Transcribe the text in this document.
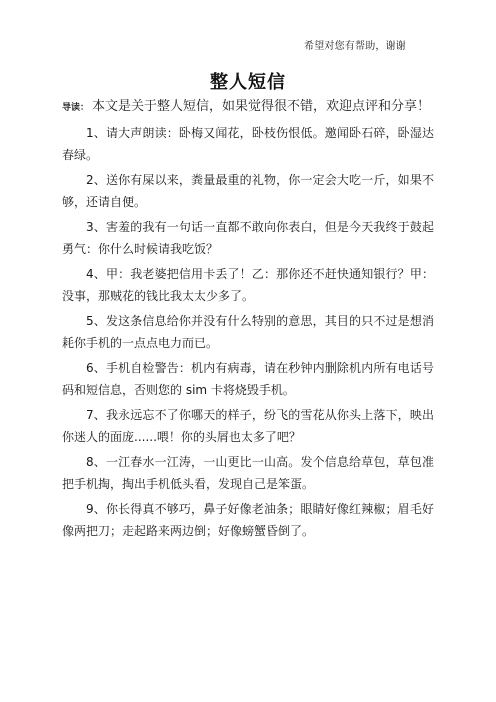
希望对您有帮助，谢谢
整人短信

导读： 本文是关于整人短信，如果觉得很不错，欢迎点评和分享！

1、请大声朗读：卧梅又闻花，卧枝伤恨低。邀闻卧石碎，卧湿达春绿。
2、送你有屎以来，粪量最重的礼物，你一定会大吃一斤，如果不够，还请自便。
3、害羞的我有一句话一直都不敢向你表白，但是今天我终于鼓起勇气：你什么时候请我吃饭？
4、甲：我老婆把信用卡丢了！乙：那你还不赶快通知银行？甲：没事，那贼花的钱比我太太少多了。
5、发这条信息给你并没有什么特别的意思，其目的只不过是想消耗你手机的一点点电力而已。
6、手机自检警告：机内有病毒，请在秒钟内删除机内所有电话号码和短信息，否则您的 sim 卡将烧毁手机。
7、我永远忘不了你哪天的样子，纷飞的雪花从你头上落下，映出你迷人的面庞......喂！你的头屑也太多了吧？
8、一江春水一江涛，一山更比一山高。发个信息给草包，草包准把手机掏，掏出手机低头看，发现自己是笨蛋。
9、你长得真不够巧，鼻子好像老油条；眼睛好像红辣椒；眉毛好像两把刀；走起路来两边倒；好像螃蟹昏倒了。
